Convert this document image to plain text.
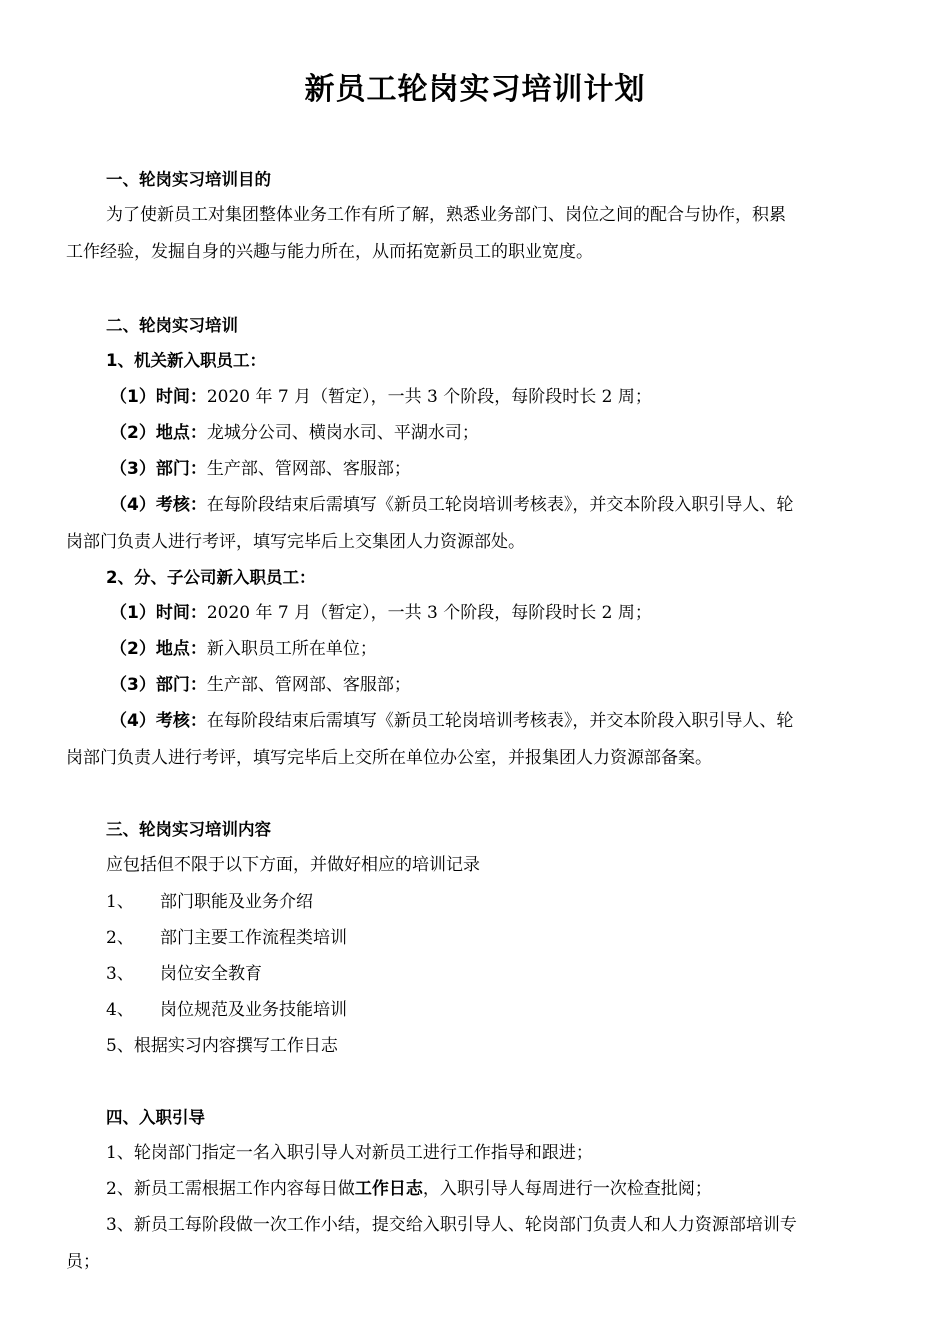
新员工轮岗实习培训计划
一、轮岗实习培训目的
为了使新员工对集团整体业务工作有所了解，熟悉业务部门、岗位之间的配合与协作，积累
工作经验，发掘自身的兴趣与能力所在，从而拓宽新员工的职业宽度。
二、轮岗实习培训
1、机关新入职员工：
（1）时间：2020 年 7 月（暂定），一共 3 个阶段，每阶段时长 2 周；
（2）地点：龙城分公司、横岗水司、平湖水司；
（3）部门：生产部、管网部、客服部；
（4）考核：在每阶段结束后需填写《新员工轮岗培训考核表》，并交本阶段入职引导人、轮
岗部门负责人进行考评，填写完毕后上交集团人力资源部处。
2、分、子公司新入职员工：
（1）时间：2020 年 7 月（暂定），一共 3 个阶段，每阶段时长 2 周；
（2）地点：新入职员工所在单位；
（3）部门：生产部、管网部、客服部；
（4）考核：在每阶段结束后需填写《新员工轮岗培训考核表》，并交本阶段入职引导人、轮
岗部门负责人进行考评，填写完毕后上交所在单位办公室，并报集团人力资源部备案。
三、轮岗实习培训内容
应包括但不限于以下方面，并做好相应的培训记录
1、 部门职能及业务介绍
2、 部门主要工作流程类培训
3、 岗位安全教育
4、 岗位规范及业务技能培训
5、根据实习内容撰写工作日志
四、入职引导
1、轮岗部门指定一名入职引导人对新员工进行工作指导和跟进；
2、新员工需根据工作内容每日做工作日志，入职引导人每周进行一次检查批阅；
3、新员工每阶段做一次工作小结，提交给入职引导人、轮岗部门负责人和人力资源部培训专
员；
